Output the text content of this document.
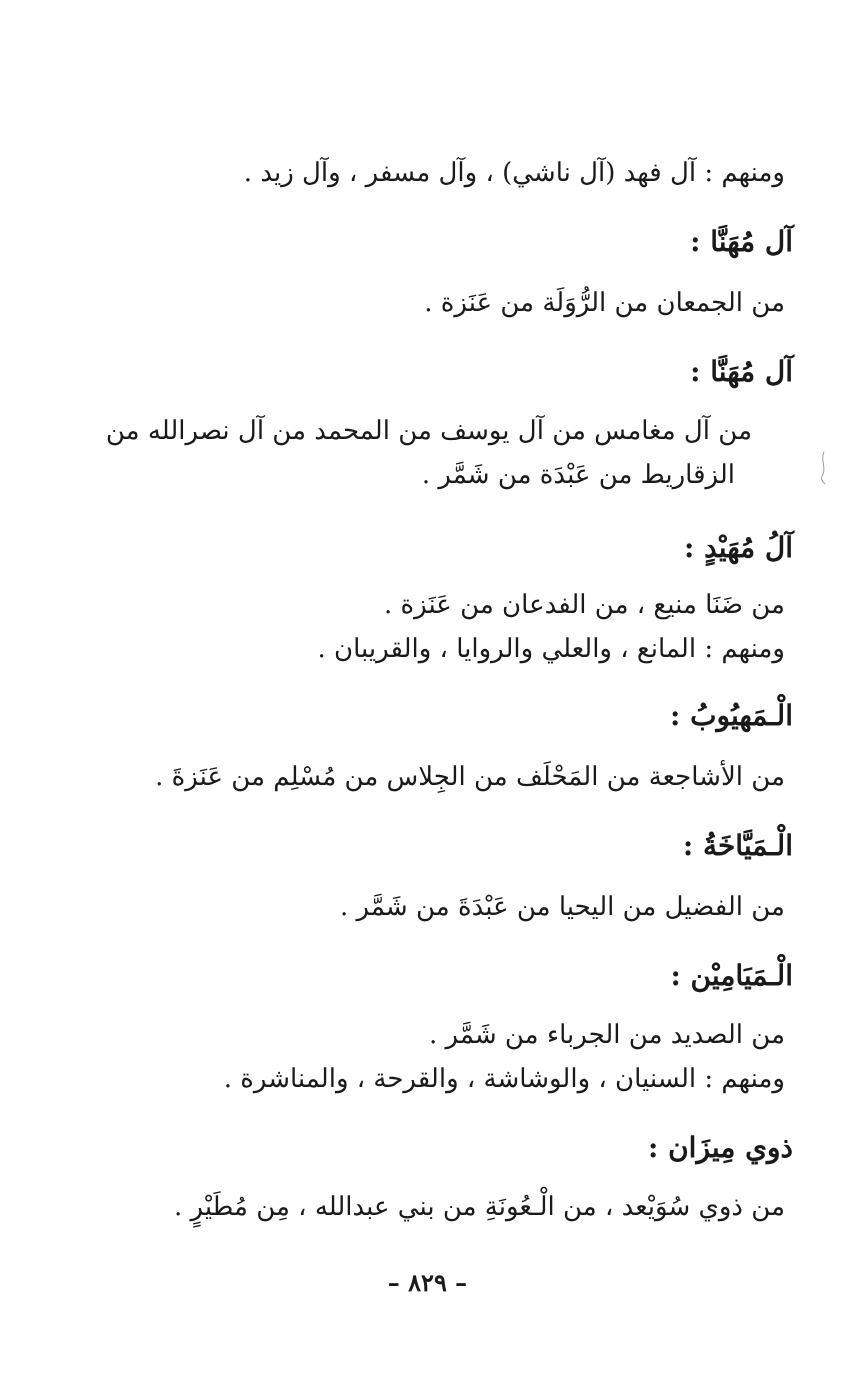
ومنهم : آل فهد (آل ناشي) ، وآل مسفر ، وآل زيد .
آل مُهَنَّا :
من الجمعان من الرُّوَلَة من عَنَزة .
آل مُهَنَّا :
من آل مغامس من آل يوسف من المحمد من آل نصرالله من
الزقاريط من عَبْدَة من شَمَّر .
آلُ مُهَيْدٍ :
من ضَنَا منيع ، من الفدعان من عَنَزة .
ومنهم : المانع ، والعلي والروايا ، والقريبان .
الْـمَهيُوبُ :
من الأشاجعة من المَحْلَف من الجِلاس من مُسْلِم من عَنَزةَ .
الْـمَيَّاخَةُ :
من الفضيل من اليحيا من عَبْدَةَ من شَمَّر .
الْـمَيَامِيْن :
من الصديد من الجرباء من شَمَّر .
ومنهم : السنيان ، والوشاشة ، والقرحة ، والمناشرة .
ذوي مِيزَان :
من ذوي سُوَيْعد ، من الْـعُونَةِ من بني عبدالله ، مِن مُطَيْرٍ .
– ٨٢٩ –
